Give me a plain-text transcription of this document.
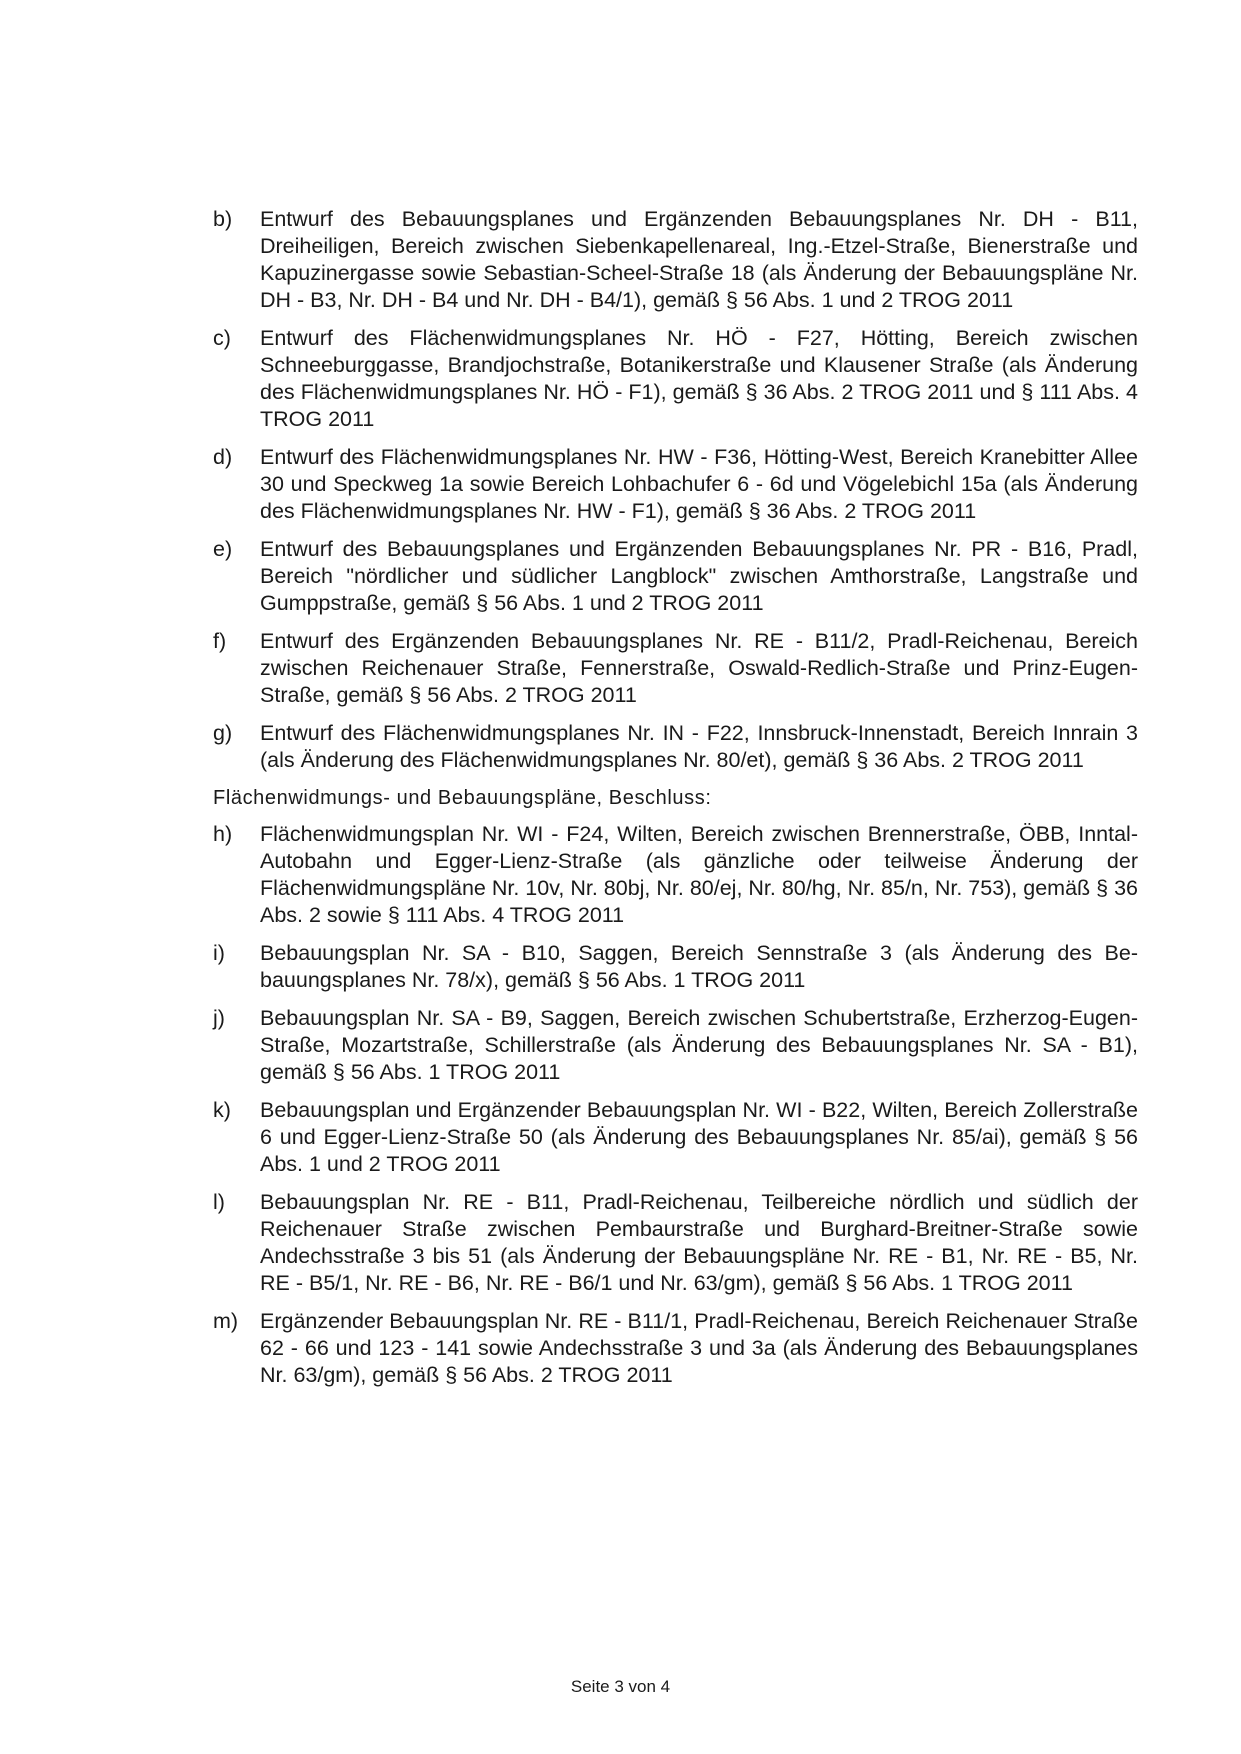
b)	Entwurf des Bebauungsplanes und Ergänzenden Bebauungsplanes Nr. DH - B11, Dreiheiligen, Bereich zwischen Siebenkapellenareal, Ing.-Etzel-Straße, Bienerstraße und Kapuzinergasse sowie Sebastian-Scheel-Straße 18 (als Änderung der Bebauungspläne Nr. DH - B3, Nr. DH - B4 und Nr. DH - B4/1), gemäß § 56 Abs. 1 und 2 TROG 2011
c)	Entwurf des Flächenwidmungsplanes Nr. HÖ - F27, Hötting, Bereich zwischen Schneeburggasse, Brandjochstraße, Botanikerstraße und Klausener Straße (als Änderung des Flächenwidmungsplanes Nr. HÖ - F1), gemäß § 36 Abs. 2 TROG 2011 und § 111 Abs. 4 TROG 2011
d)	Entwurf des Flächenwidmungsplanes Nr. HW - F36, Hötting-West, Bereich Kranebitter Allee 30 und Speckweg 1a sowie Bereich Lohbachufer 6 - 6d und Vögelebichl 15a (als Änderung des Flächenwidmungsplanes Nr. HW - F1), gemäß § 36 Abs. 2 TROG 2011
e)	Entwurf des Bebauungsplanes und Ergänzenden Bebauungsplanes Nr. PR - B16, Pradl, Bereich "nördlicher und südlicher Langblock" zwischen Amthorstraße, Langstraße und Gumppstraße, gemäß § 56 Abs. 1 und 2 TROG 2011
f)	Entwurf des Ergänzenden Bebauungsplanes Nr. RE - B11/2, Pradl-Reichenau, Bereich zwischen Reichenauer Straße, Fennerstraße, Oswald-Redlich-Straße und Prinz-Eugen-Straße, gemäß § 56 Abs. 2 TROG 2011
g)	Entwurf des Flächenwidmungsplanes Nr. IN - F22, Innsbruck-Innenstadt, Bereich Innrain 3 (als Änderung des Flächenwidmungsplanes Nr. 80/et), gemäß § 36 Abs. 2 TROG 2011
Flächenwidmungs- und Bebauungspläne, Beschluss:
h)	Flächenwidmungsplan Nr. WI - F24, Wilten, Bereich zwischen Brennerstraße, ÖBB, Inntal-Autobahn und Egger-Lienz-Straße (als gänzliche oder teilweise Änderung der Flächenwidmungspläne Nr. 10v, Nr. 80bj, Nr. 80/ej, Nr. 80/hg, Nr. 85/n, Nr. 753), gemäß § 36 Abs. 2 sowie § 111 Abs. 4 TROG 2011
i)	Bebauungsplan Nr. SA - B10, Saggen, Bereich Sennstraße 3 (als Änderung des Bebauungsplanes Nr. 78/x), gemäß § 56 Abs. 1 TROG 2011
j)	Bebauungsplan Nr. SA - B9, Saggen, Bereich zwischen Schubertstraße, Erzherzog-Eugen-Straße, Mozartstraße, Schillerstraße (als Änderung des Bebauungsplanes Nr. SA - B1), gemäß § 56 Abs. 1 TROG 2011
k)	Bebauungsplan und Ergänzender Bebauungsplan Nr. WI - B22, Wilten, Bereich Zollerstraße 6 und Egger-Lienz-Straße 50 (als Änderung des Bebauungsplanes Nr. 85/ai), gemäß § 56 Abs. 1 und 2 TROG 2011
l)	Bebauungsplan Nr. RE - B11, Pradl-Reichenau, Teilbereiche nördlich und südlich der Reichenauer Straße zwischen Pembaurstraße und Burghard-Breitner-Straße sowie Andechsstraße 3 bis 51 (als Änderung der Bebauungspläne Nr. RE - B1, Nr. RE - B5, Nr. RE - B5/1, Nr. RE - B6, Nr. RE - B6/1 und Nr. 63/gm), gemäß § 56 Abs. 1 TROG 2011
m)	Ergänzender Bebauungsplan Nr. RE - B11/1, Pradl-Reichenau, Bereich Reichenauer Straße 62 - 66 und 123 - 141 sowie Andechsstraße 3 und 3a (als Änderung des Bebauungsplanes Nr. 63/gm), gemäß § 56 Abs. 2 TROG 2011
Seite 3 von 4
